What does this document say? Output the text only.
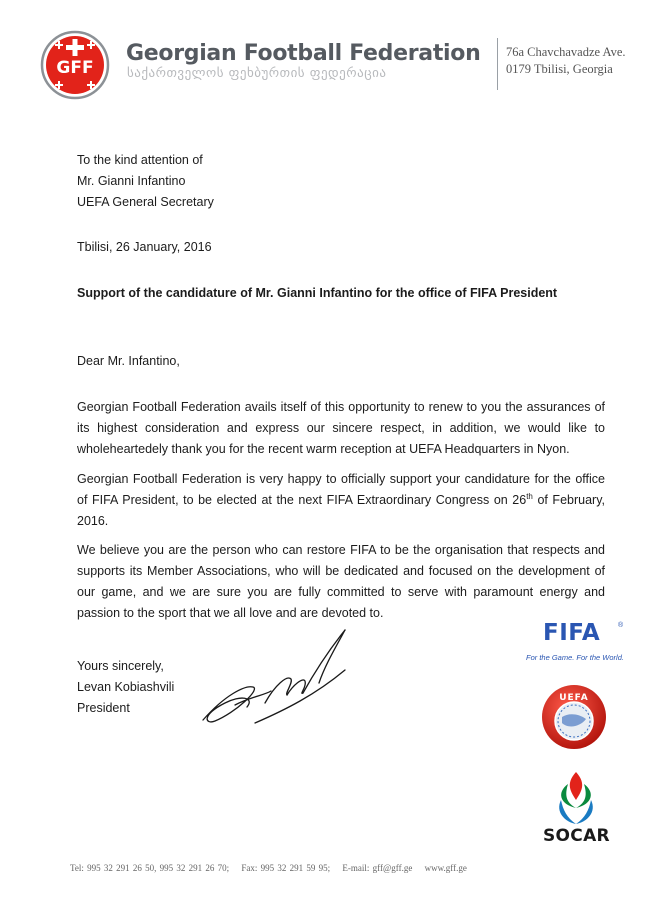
GFF
Georgian Football Federation
საქართველოს ფეხბურთის ფედერაცია
76a Chavchavadze Ave.
0179 Tbilisi, Georgia
To the kind attention of
Mr. Gianni Infantino
UEFA General Secretary
Tbilisi, 26 January, 2016
Support of the candidature of Mr. Gianni Infantino for the office of FIFA President
Dear Mr. Infantino,
Georgian Football Federation avails itself of this opportunity to renew to you the assurances of its highest consideration and express our sincere respect, in addition, we would like to wholeheartedely thank you for the recent warm reception at UEFA Headquarters in Nyon.
Georgian Football Federation is very happy to officially support your candidature for the office of FIFA President, to be elected at the next FIFA Extraordinary Congress on 26th of February, 2016.
We believe you are the person who can restore FIFA to be the organisation that respects and supports its Member Associations, who will be dedicated and focused on the development of our game, and we are sure you are fully committed to serve with paramount energy and passion to the sport that we all love and are devoted to.
Yours sincerely,
Levan Kobiashvili
President
FIFA	®
For the Game. For the World.
UEFA
SOCAR
Tel: 995 32 291 26 50, 995 32 291 26 70; Fax: 995 32 291 59 95; E-mail: gff@gff.ge www.gff.ge
